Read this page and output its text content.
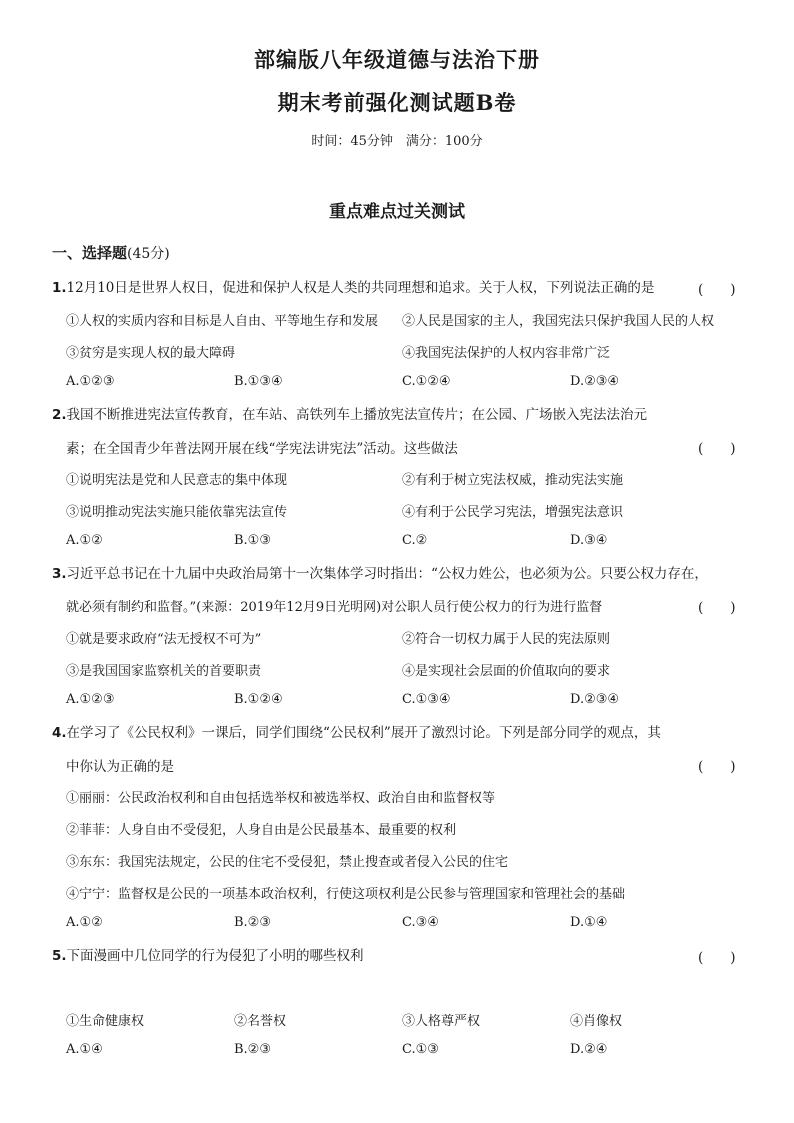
部编版八年级道德与法治下册
期末考前强化测试题B卷
时间：45分钟　满分：100分
重点难点过关测试
一、选择题(45分)
1.12月10日是世界人权日，促进和保护人权是人类的共同理想和追求。关于人权，下列说法正确的是	(　　)
①人权的实质内容和目标是人自由、平等地生存和发展 ②人民是国家的主人，我国宪法只保护我国人民的人权
③贫穷是实现人权的最大障碍	④我国宪法保护的人权内容非常广泛
A.①②③	B.①③④	C.①②④	D.②③④
2.我国不断推进宪法宣传教育，在车站、高铁列车上播放宪法宣传片；在公园、广场嵌入宪法法治元
素；在全国青少年普法网开展在线“学宪法讲宪法”活动。这些做法	(　　)
①说明宪法是党和人民意志的集中体现	②有利于树立宪法权威，推动宪法实施
③说明推动宪法实施只能依靠宪法宣传	④有利于公民学习宪法，增强宪法意识
A.①②	B.①③	C.②	D.③④
3.习近平总书记在十九届中央政治局第十一次集体学习时指出：“公权力姓公，也必须为公。只要公权力存在，
就必须有制约和监督。”(来源：2019年12月9日光明网)对公职人员行使公权力的行为进行监督	(　　)
①就是要求政府“法无授权不可为”	②符合一切权力属于人民的宪法原则
③是我国国家监察机关的首要职责	④是实现社会层面的价值取向的要求
A.①②③	B.①②④	C.①③④	D.②③④
4.在学习了《公民权利》一课后，同学们围绕“公民权利”展开了激烈讨论。下列是部分同学的观点，其
中你认为正确的是	(　　)
①丽丽：公民政治权利和自由包括选举权和被选举权、政治自由和监督权等
②菲菲：人身自由不受侵犯，人身自由是公民最基本、最重要的权利
③东东：我国宪法规定，公民的住宅不受侵犯，禁止搜查或者侵入公民的住宅
④宁宁：监督权是公民的一项基本政治权利，行使这项权利是公民参与管理国家和管理社会的基础
A.①②	B.②③	C.③④	D.①④
5.下面漫画中几位同学的行为侵犯了小明的哪些权利	(　　)
①生命健康权	②名誉权	③人格尊严权	④肖像权
A.①④	B.②③	C.①③	D.②④
